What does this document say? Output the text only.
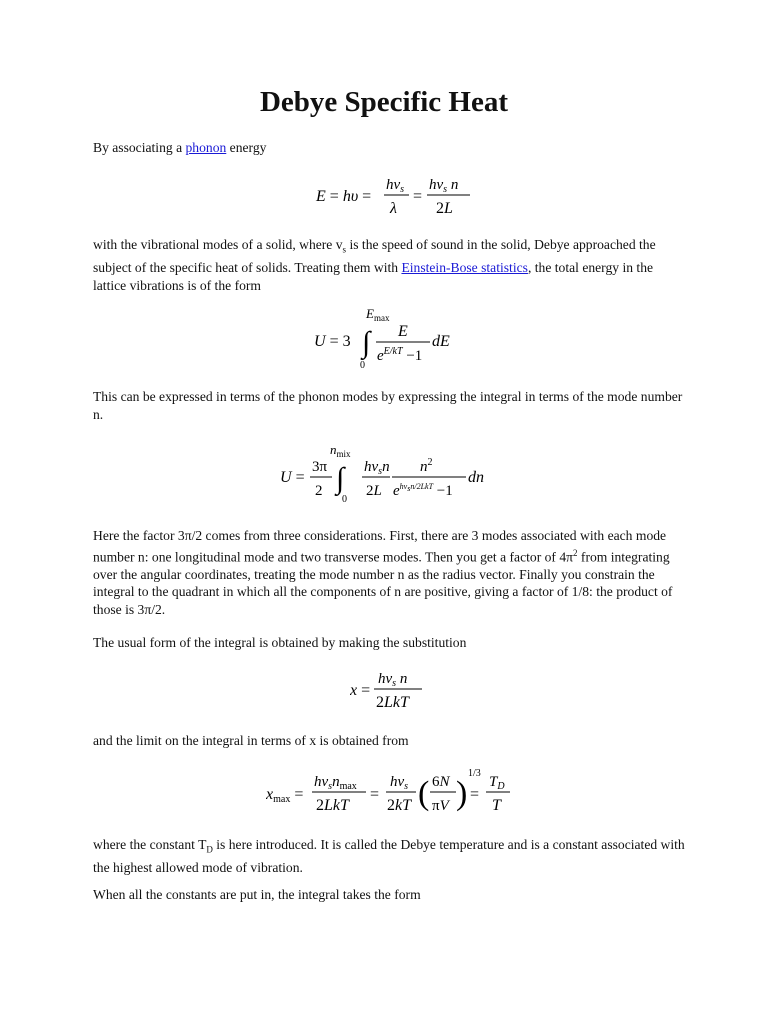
Debye Specific Heat

By associating a phonon energy

E = hυ =
$hv_s$
λ
=
$hv_s$ n
2L

with the vibrational modes of a solid, where $v_s$ is the speed of sound in the solid, Debye approached the subject of the specific heat of solids. Treating them with Einstein-Bose statistics, the total energy in the lattice vibrations is of the form

U = 3 ∫
$E_{max}$
0
E
$e^{E/kT} -1$
dE

This can be expressed in terms of the phonon modes by expressing the integral in terms of the mode number n.

U =
3π
2 ∫
$n_{mix}$
0
$hv_sn$
2L
$n^2$
$e^{hvsn/2LkT} -1$
dn

Here the factor 3π/2 comes from three considerations. First, there are 3 modes associated with each mode number n: one longitudinal mode and two transverse modes. Then you get a factor of $4\pi^2$ from integrating over the angular coordinates, treating the mode number n as the radius vector. Finally you constrain the integral to the quadrant in which all the components of n are positive, giving a factor of 1/8: the product of those is 3π/2.

The usual form of the integral is obtained by making the substitution

x =
$hv_s$ n
2LkT

and the limit on the integral in terms of x is obtained from

xmax =
$hv_sn_{max}$
2LkT
=
$hv_s$
2kT ( 6N
πV )
1/3
=
$T_D$
T

where the constant $T_D$ is here introduced. It is called the Debye temperature and is a constant associated with the highest allowed mode of vibration.

When all the constants are put in, the integral takes the form
